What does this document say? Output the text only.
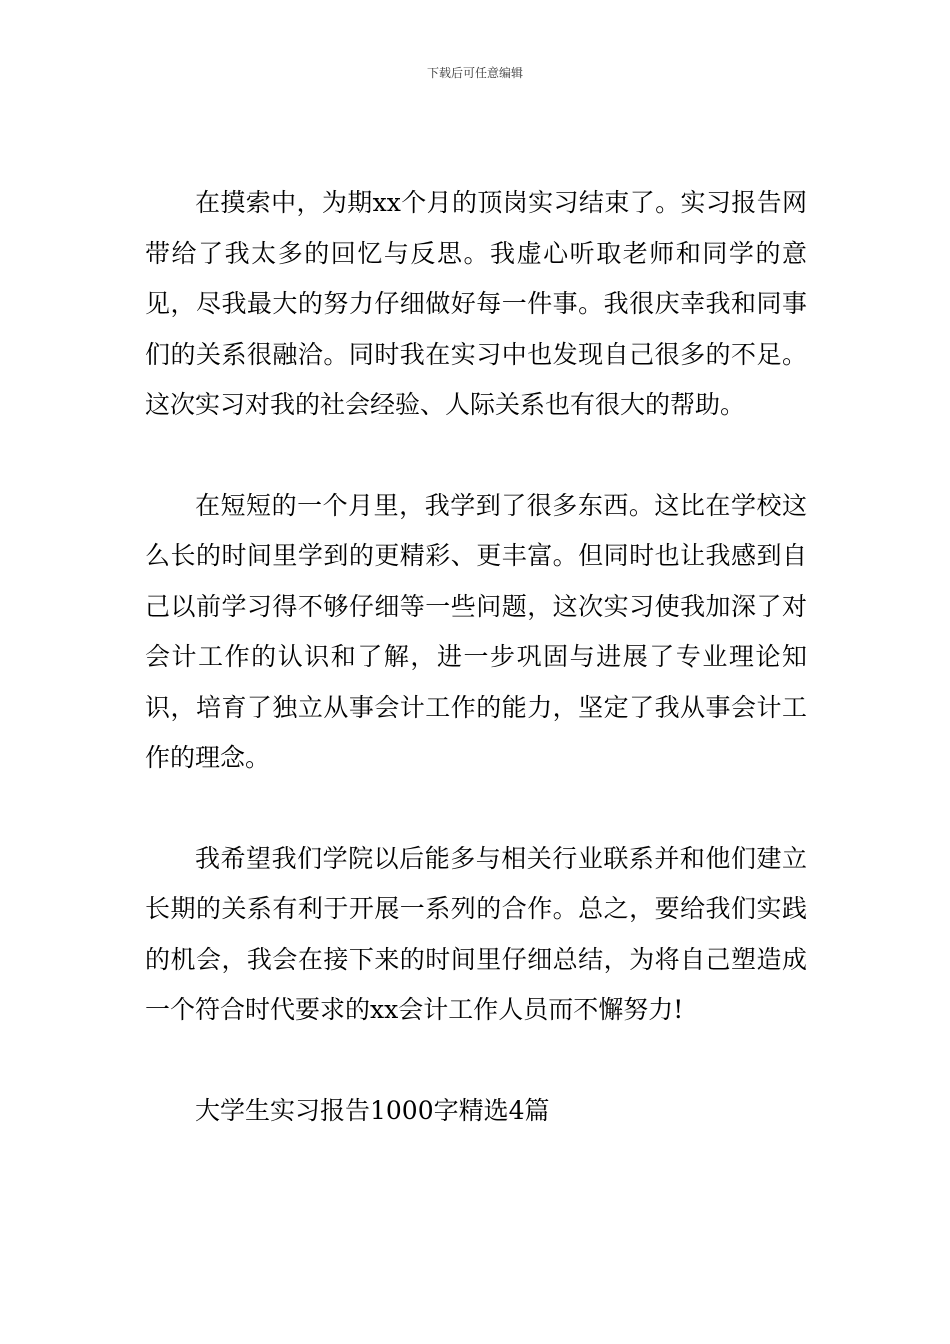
下载后可任意编辑

在摸索中，为期xx个月的顶岗实习结束了。实习报告网带给了我太多的回忆与反思。我虚心听取老师和同学的意见，尽我最大的努力仔细做好每一件事。我很庆幸我和同事们的关系很融洽。同时我在实习中也发现自己很多的不足。这次实习对我的社会经验、人际关系也有很大的帮助。

在短短的一个月里，我学到了很多东西。这比在学校这么长的时间里学到的更精彩、更丰富。但同时也让我感到自己以前学习得不够仔细等一些问题，这次实习使我加深了对会计工作的认识和了解，进一步巩固与进展了专业理论知识，培育了独立从事会计工作的能力，坚定了我从事会计工作的理念。

我希望我们学院以后能多与相关行业联系并和他们建立长期的关系有利于开展一系列的合作。总之，要给我们实践的机会，我会在接下来的时间里仔细总结，为将自己塑造成一个符合时代要求的xx会计工作人员而不懈努力!

大学生实习报告1000字精选4篇
